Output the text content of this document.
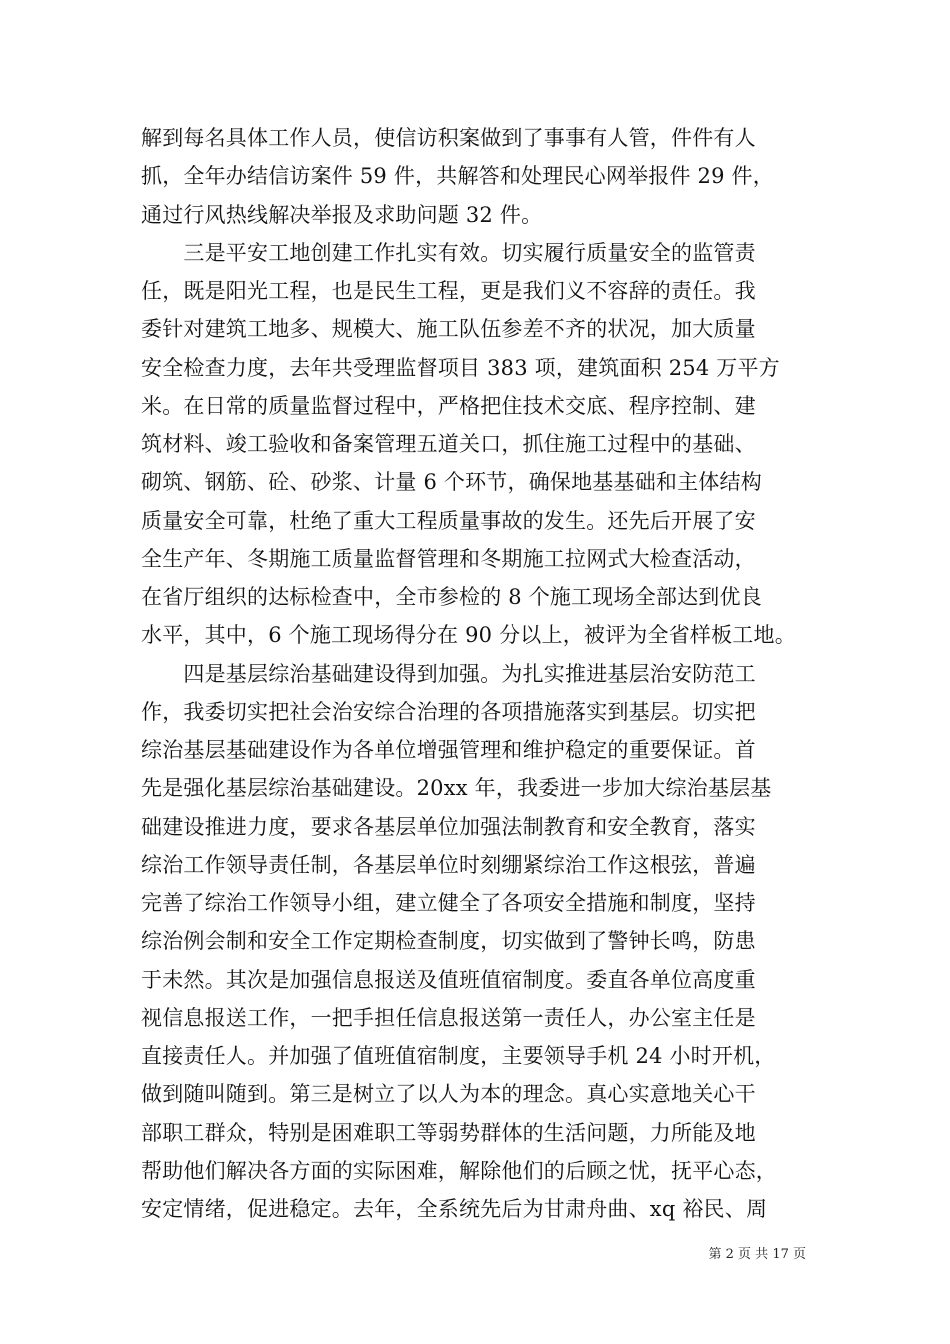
解到每名具体工作人员，使信访积案做到了事事有人管，件件有人
抓，全年办结信访案件 59 件，共解答和处理民心网举报件 29 件，
通过行风热线解决举报及求助问题 32 件。
　　三是平安工地创建工作扎实有效。切实履行质量安全的监管责
任，既是阳光工程，也是民生工程，更是我们义不容辞的责任。我
委针对建筑工地多、规模大、施工队伍参差不齐的状况，加大质量
安全检查力度，去年共受理监督项目 383 项，建筑面积 254 万平方
米。在日常的质量监督过程中，严格把住技术交底、程序控制、建
筑材料、竣工验收和备案管理五道关口，抓住施工过程中的基础、
砌筑、钢筋、砼、砂浆、计量 6 个环节，确保地基基础和主体结构
质量安全可靠，杜绝了重大工程质量事故的发生。还先后开展了安
全生产年、冬期施工质量监督管理和冬期施工拉网式大检查活动，
在省厅组织的达标检查中，全市参检的 8 个施工现场全部达到优良
水平，其中，6 个施工现场得分在 90 分以上，被评为全省样板工地。
　　四是基层综治基础建设得到加强。为扎实推进基层治安防范工
作，我委切实把社会治安综合治理的各项措施落实到基层。切实把
综治基层基础建设作为各单位增强管理和维护稳定的重要保证。首
先是强化基层综治基础建设。20xx 年，我委进一步加大综治基层基
础建设推进力度，要求各基层单位加强法制教育和安全教育，落实
综治工作领导责任制，各基层单位时刻绷紧综治工作这根弦，普遍
完善了综治工作领导小组，建立健全了各项安全措施和制度，坚持
综治例会制和安全工作定期检查制度，切实做到了警钟长鸣，防患
于未然。其次是加强信息报送及值班值宿制度。委直各单位高度重
视信息报送工作，一把手担任信息报送第一责任人，办公室主任是
直接责任人。并加强了值班值宿制度，主要领导手机 24 小时开机，
做到随叫随到。第三是树立了以人为本的理念。真心实意地关心干
部职工群众，特别是困难职工等弱势群体的生活问题，力所能及地
帮助他们解决各方面的实际困难，解除他们的后顾之忧，抚平心态，
安定情绪，促进稳定。去年，全系统先后为甘肃舟曲、xq 裕民、周
第 2 页 共 17 页
